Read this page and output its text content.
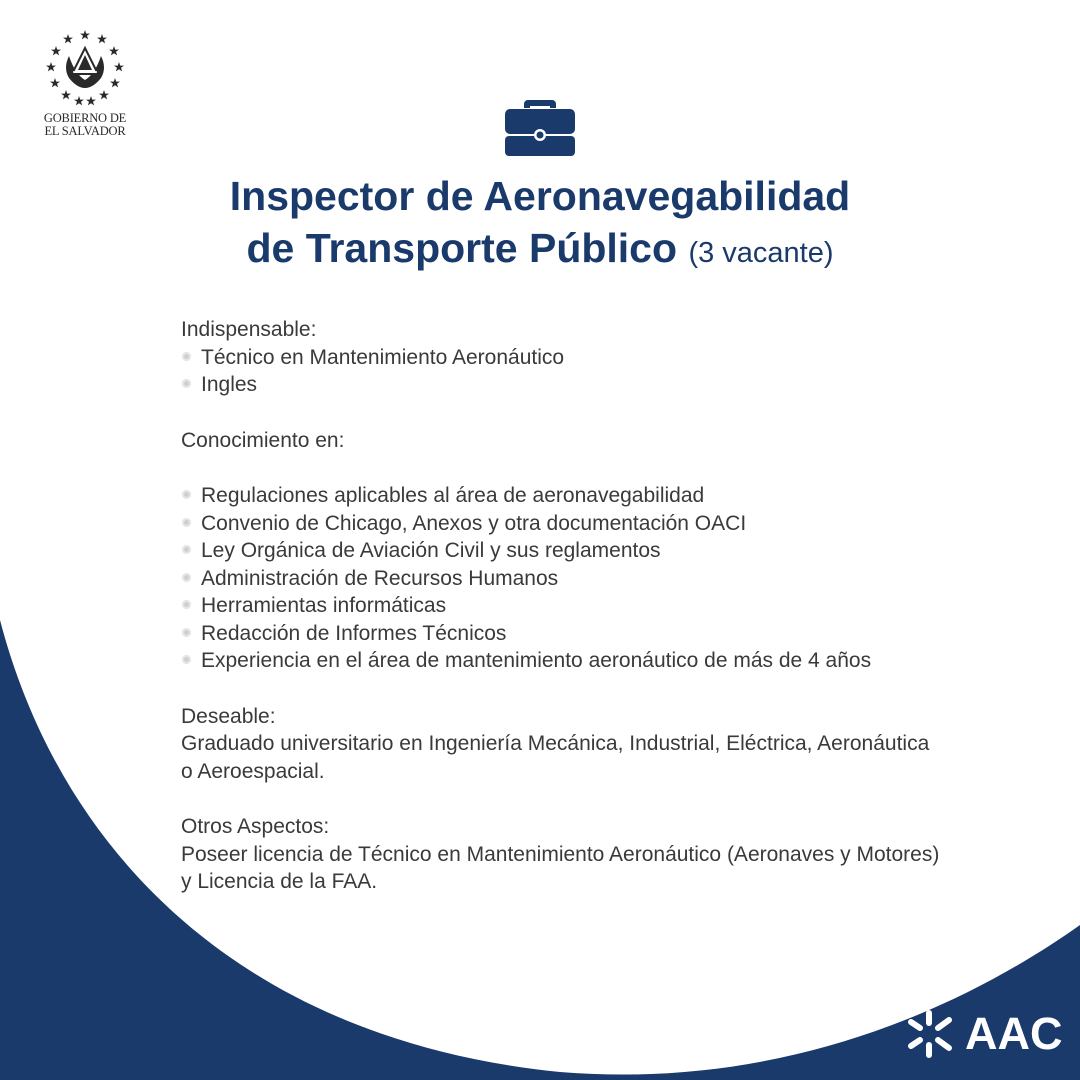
GOBIERNO DE
EL SALVADOR
Inspector de Aeronavegabilidad
de Transporte Público (3 vacante)
Indispensable:
Técnico en Mantenimiento Aeronáutico
Ingles
Conocimiento en:
Regulaciones aplicables al área de aeronavegabilidad
Convenio de Chicago, Anexos y otra documentación OACI
Ley Orgánica de Aviación Civil y sus reglamentos
Administración de Recursos Humanos
Herramientas informáticas
Redacción de Informes Técnicos
Experiencia en el área de mantenimiento aeronáutico de más de 4 años
Deseable:
Graduado universitario en Ingeniería Mecánica, Industrial, Eléctrica, Aeronáutica o Aeroespacial.
Otros Aspectos:
Poseer licencia de Técnico en Mantenimiento Aeronáutico (Aeronaves y Motores) y Licencia de la FAA.
AAC
